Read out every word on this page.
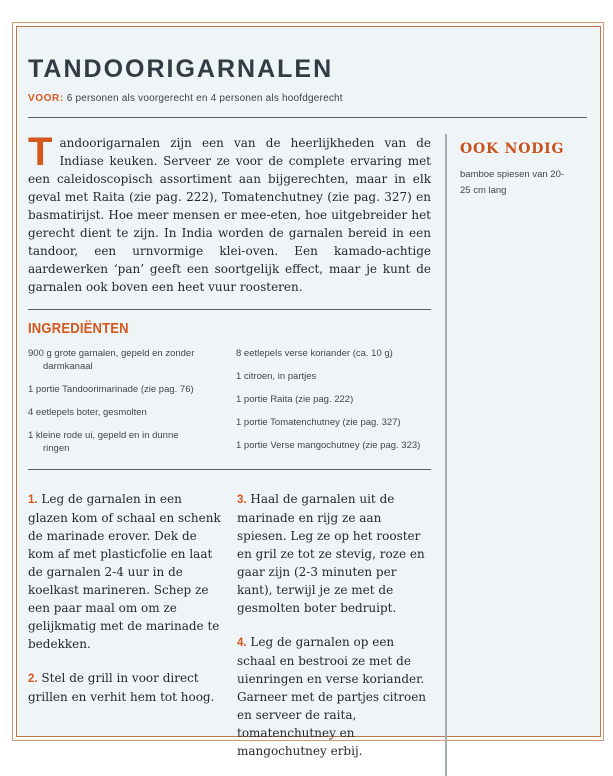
TANDOORIGARNALEN

VOOR: 6 personen als voorgerecht en 4 personen als hoofdgerecht

Tandoorigarnalen zijn een van de heerlijkheden van de Indiase keuken. Serveer ze voor de complete ervaring met een caleidoscopisch assortiment aan bijgerechten, maar in elk geval met Raita (zie pag. 222), Tomatenchutney (zie pag. 327) en basmatirijst. Hoe meer mensen er mee-eten, hoe uitgebreider het gerecht dient te zijn. In India worden de garnalen bereid in een tandoor, een urnvormige klei-oven. Een kamado-achtige aardewerken ‘pan’ geeft een soortgelijk effect, maar je kunt de garnalen ook boven een heet vuur roosteren.

INGREDIËNTEN
900 g grote garnalen, gepeld en zonder darmkanaal
1 portie Tandoorimarinade (zie pag. 76)
4 eetlepels boter, gesmolten
1 kleine rode ui, gepeld en in dunne ringen
8 eetlepels verse koriander (ca. 10 g)
1 citroen, in partjes
1 portie Raita (zie pag. 222)
1 portie Tomatenchutney (zie pag. 327)
1 portie Verse mangochutney (zie pag. 323)

1. Leg de garnalen in een glazen kom of schaal en schenk de marinade erover. Dek de kom af met plasticfolie en laat de garnalen 2-4 uur in de koelkast marineren. Schep ze een paar maal om om ze gelijkmatig met de marinade te bedekken.

2. Stel de grill in voor direct grillen en verhit hem tot hoog.

3. Haal de garnalen uit de marinade en rijg ze aan spiesen. Leg ze op het rooster en gril ze tot ze stevig, roze en gaar zijn (2-3 minuten per kant), terwijl je ze met de gesmolten boter bedruipt.

4. Leg de garnalen op een schaal en bestrooi ze met de uienringen en verse koriander. Garneer met de partjes citroen en serveer de raita, tomatenchutney en mangochutney erbij.

OOK NODIG

bamboe spiesen van 20-25 cm lang
